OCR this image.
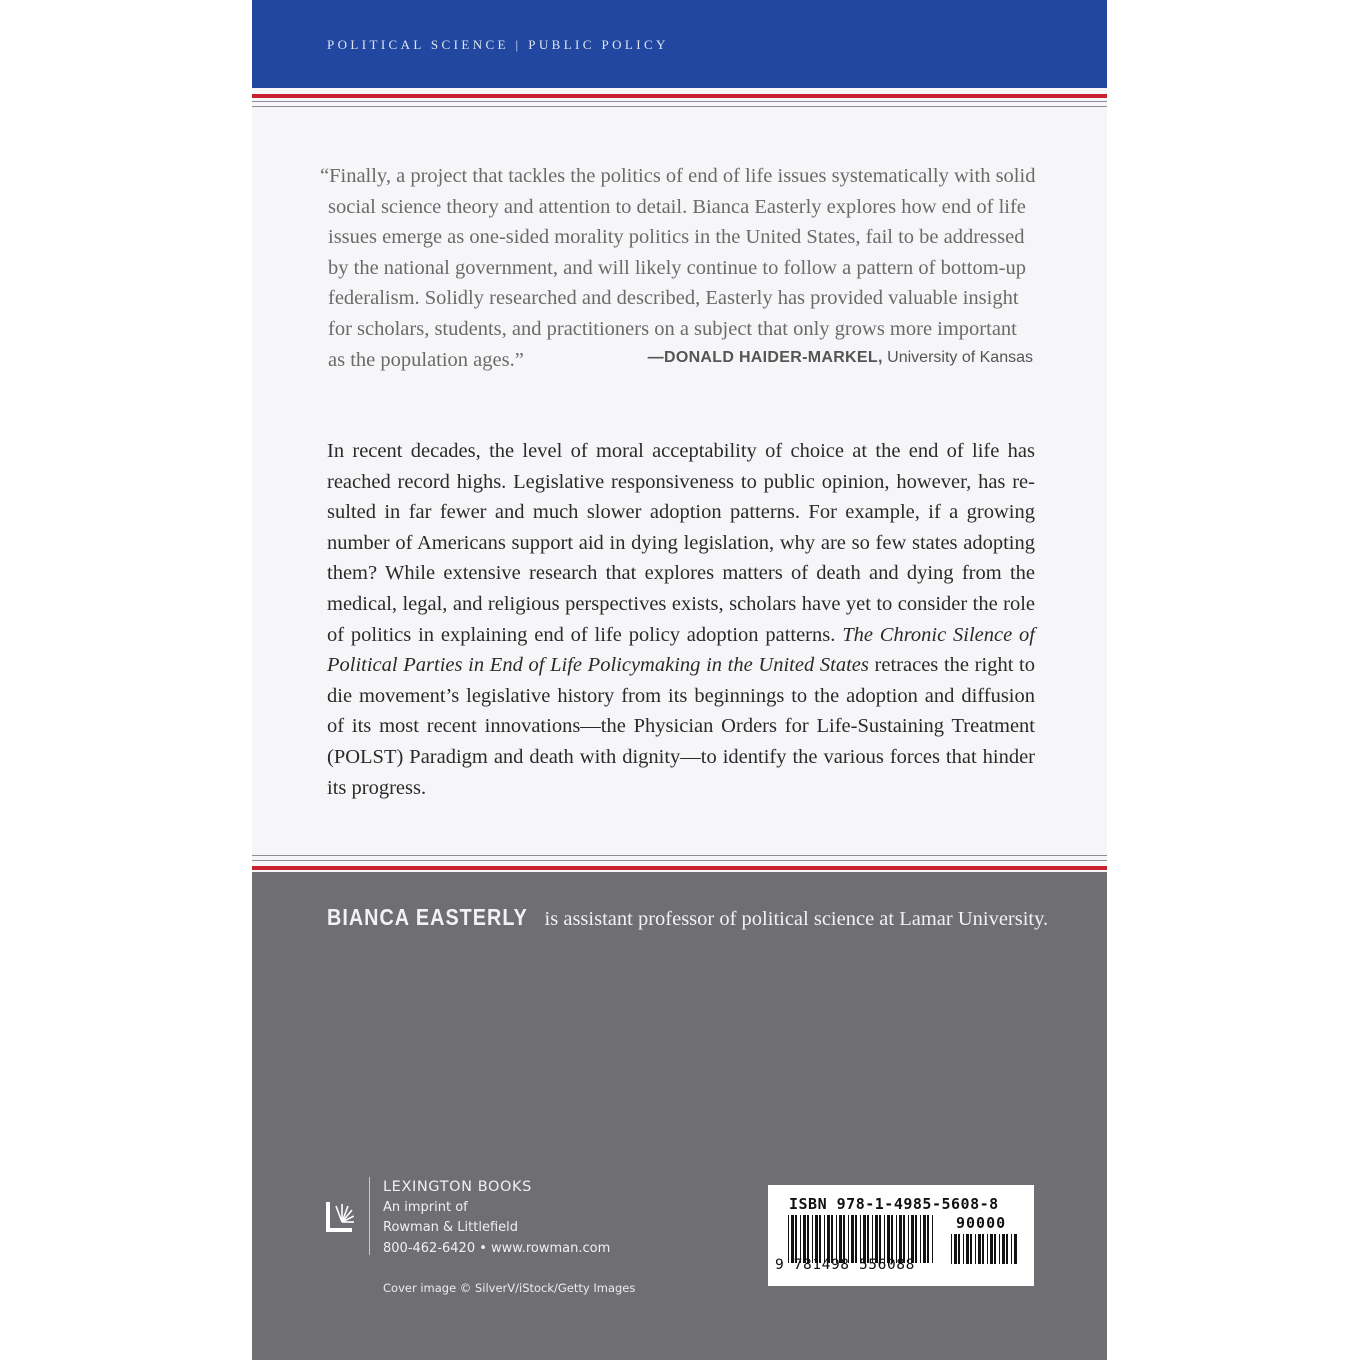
POLITICAL SCIENCE | PUBLIC POLICY

“Finally, a project that tackles the politics of end of life issues systematically with solid social science theory and attention to detail. Bianca Easterly explores how end of life issues emerge as one-sided morality politics in the United States, fail to be addressed by the national government, and will likely continue to follow a pattern of bottom-up federalism. Solidly researched and described, Easterly has provided valuable insight for scholars, students, and practitioners on a subject that only grows more important as the population ages.”	—DONALD HAIDER-MARKEL, University of Kansas

In recent decades, the level of moral acceptability of choice at the end of life has reached record highs. Legislative responsiveness to public opinion, however, has resulted in far fewer and much slower adoption patterns. For example, if a growing number of Americans support aid in dying legislation, why are so few states adopting them? While extensive research that explores matters of death and dying from the medical, legal, and religious perspectives exists, scholars have yet to consider the role of politics in explaining end of life policy adoption patterns. The Chronic Silence of Political Parties in End of Life Policymaking in the United States retraces the right to die movement’s legislative history from its beginnings to the adoption and diffusion of its most recent innovations—the Physician Orders for Life-Sustaining Treatment (POLST) Paradigm and death with dignity—to identify the various forces that hinder its progress.

BIANCA EASTERLY is assistant professor of political science at Lamar University.
LEXINGTON BOOKS
An imprint of
Rowman & Littlefield
800-462-6420 • www.rowman.com
Cover image © SilverV/iStock/Getty Images
ISBN 978-1-4985-5608-8
90000
9 781498 556088
